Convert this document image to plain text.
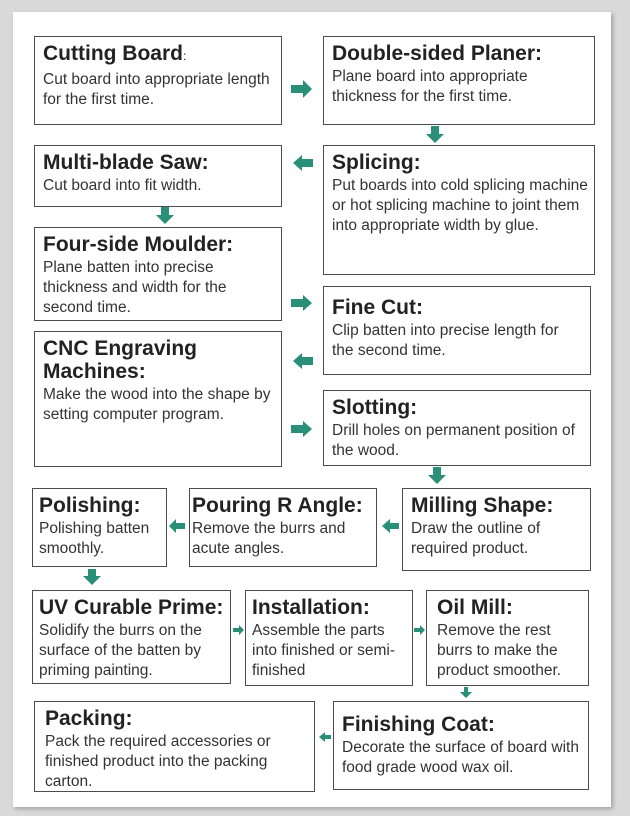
Cutting Board:
Cut board into appropriate length for the first time.
Double-sided Planer:
Plane board into appropriate thickness for the first time.
Multi-blade Saw:
Cut board into fit width.
Splicing:
Put boards into cold splicing machine or hot splicing machine to joint them into appropriate width by glue.
Four-side Moulder:
Plane batten into precise thickness and width for the second time.	Fine Cut:
Clip batten into precise length for the second time.
CNC Engraving Machines:
Make the wood into the shape by setting computer program.	Slotting:
Drill holes on permanent position of the wood.
Polishing:
Polishing batten smoothly.
Pouring R Angle:
Remove the burrs and acute angles.
Milling Shape:
Draw the outline of required product.
UV Curable Prime:
Solidify the burrs on the surface of the batten by priming painting.
Installation:
Assemble the parts into finished or semi-finished
Oil Mill:
Remove the rest burrs to make the product smoother.
Packing:
Pack the required accessories or finished product into the packing carton.
Finishing Coat:
Decorate the surface of board with food grade wood wax oil.
